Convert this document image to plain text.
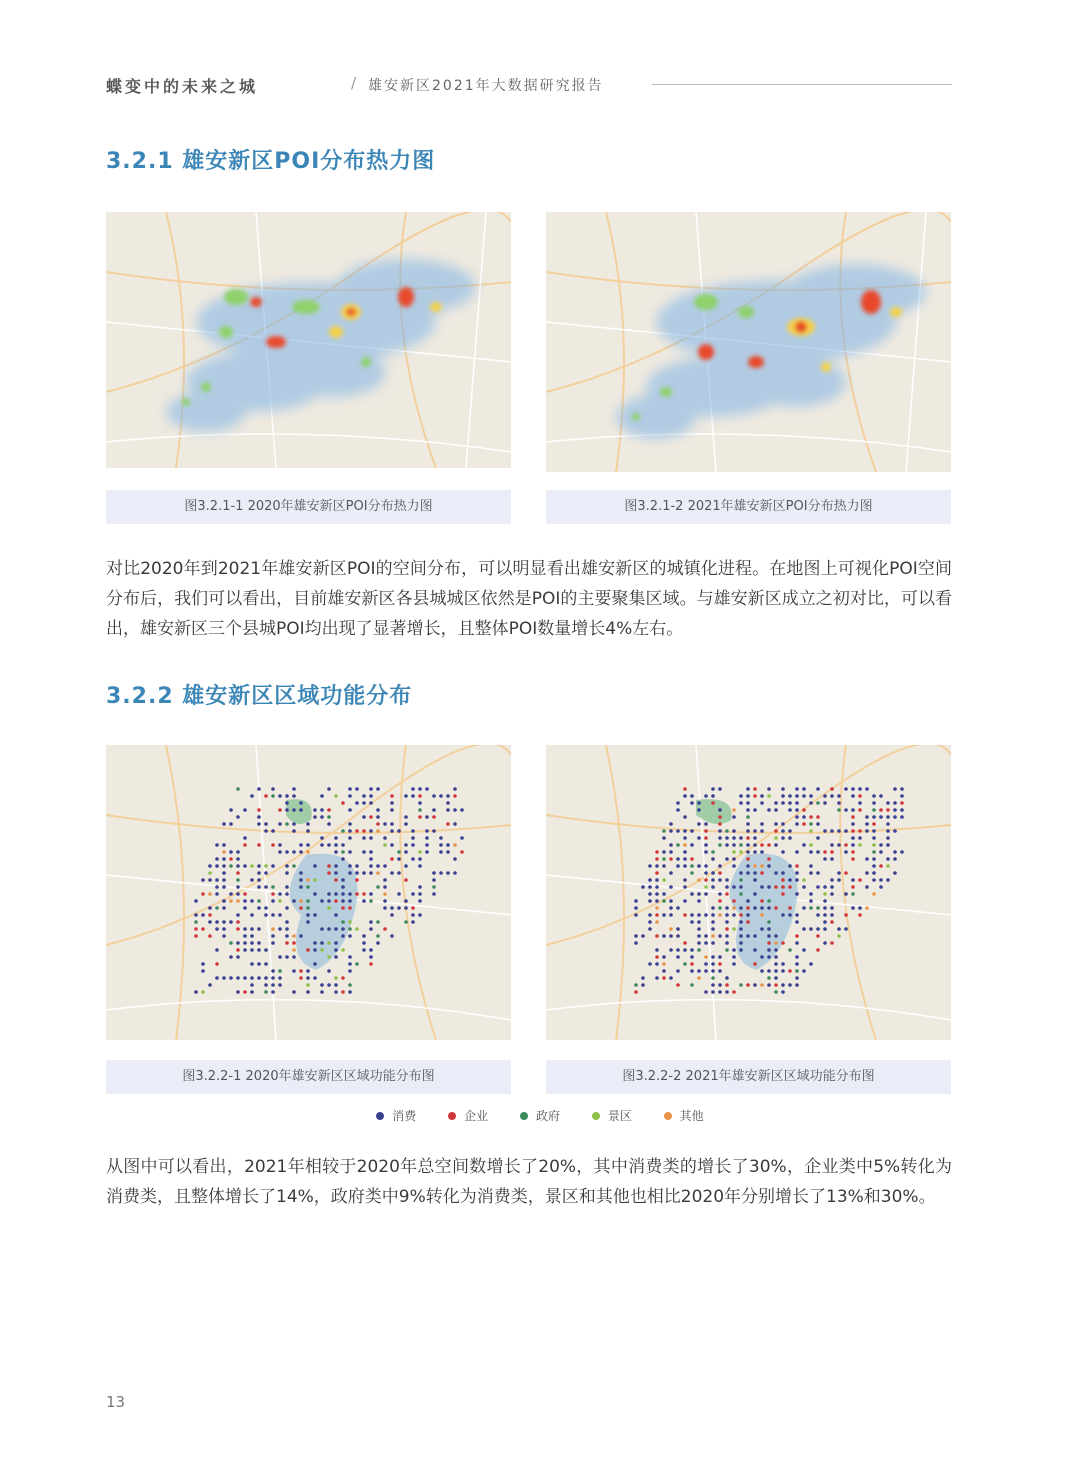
蝶变中的未来之城	/ 雄安新区2021年大数据研究报告
3.2.1 雄安新区POI分布热力图
图3.2.1-1 2020年雄安新区POI分布热力图	图3.2.1-2 2021年雄安新区POI分布热力图
对比2020年到2021年雄安新区POI的空间分布，可以明显看出雄安新区的城镇化进程。在地图上可视化POI空间分布后，我们可以看出，目前雄安新区各县城城区依然是POI的主要聚集区域。与雄安新区成立之初对比，可以看出，雄安新区三个县城POI均出现了显著增长，且整体POI数量增长4%左右。
3.2.2 雄安新区区域功能分布
图3.2.2-1 2020年雄安新区区域功能分布图	图3.2.2-2 2021年雄安新区区域功能分布图
消费	企业	政府	景区	其他
从图中可以看出，2021年相较于2020年总空间数增长了20%，其中消费类的增长了30%，企业类中5%转化为消费类，且整体增长了14%，政府类中9%转化为消费类，景区和其他也相比2020年分别增长了13%和30%。
13
